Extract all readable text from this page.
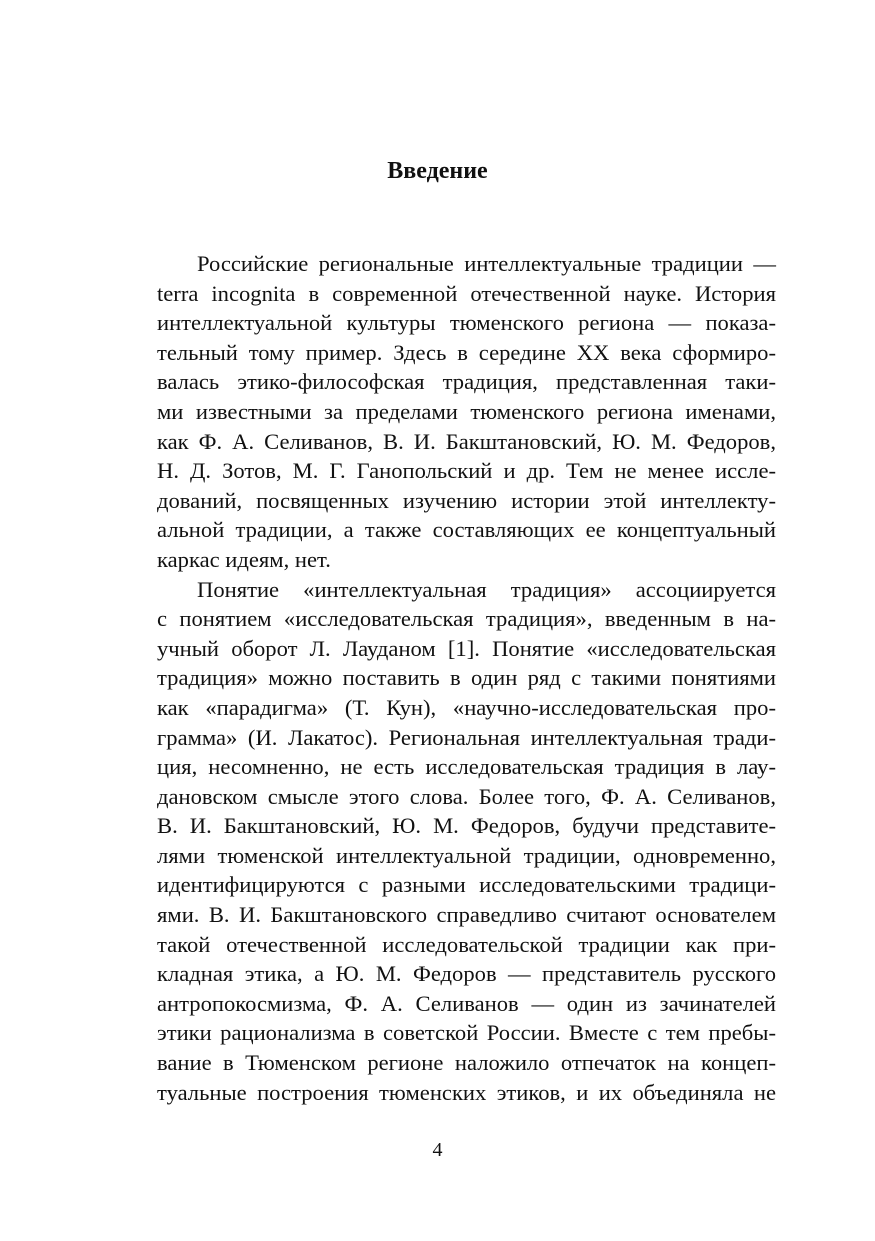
Введение

Российские региональные интеллектуальные традиции —
terra incognita в современной отечественной науке. История
интеллектуальной культуры тюменского региона — показа-
тельный тому пример. Здесь в середине XX века сформиро-
валась этико-философская традиция, представленная таки-
ми известными за пределами тюменского региона именами,
как Ф. А. Селиванов, В. И. Бакштановский, Ю. М. Федоров,
Н. Д. Зотов, М. Г. Ганопольский и др. Тем не менее иссле-
дований, посвященных изучению истории этой интеллекту-
альной традиции, а также составляющих ее концептуальный
каркас идеям, нет.

Понятие «интеллектуальная традиция» ассоциируется
с понятием «исследовательская традиция», введенным в на-
учный оборот Л. Лауданом [1]. Понятие «исследовательская
традиция» можно поставить в один ряд с такими понятиями
как «парадигма» (Т. Кун), «научно-исследовательская про-
грамма» (И. Лакатос). Региональная интеллектуальная тради-
ция, несомненно, не есть исследовательская традиция в лау-
дановском смысле этого слова. Более того, Ф. А. Селиванов,
В. И. Бакштановский, Ю. М. Федоров, будучи представите-
лями тюменской интеллектуальной традиции, одновременно,
идентифицируются с разными исследовательскими традици-
ями. В. И. Бакштановского справедливо считают основателем
такой отечественной исследовательской традиции как при-
кладная этика, а Ю. М. Федоров — представитель русского
антропокосмизма, Ф. А. Селиванов — один из зачинателей
этики рационализма в советской России. Вместе с тем пребы-
вание в Тюменском регионе наложило отпечаток на концеп-
туальные построения тюменских этиков, и их объединяла не

4
